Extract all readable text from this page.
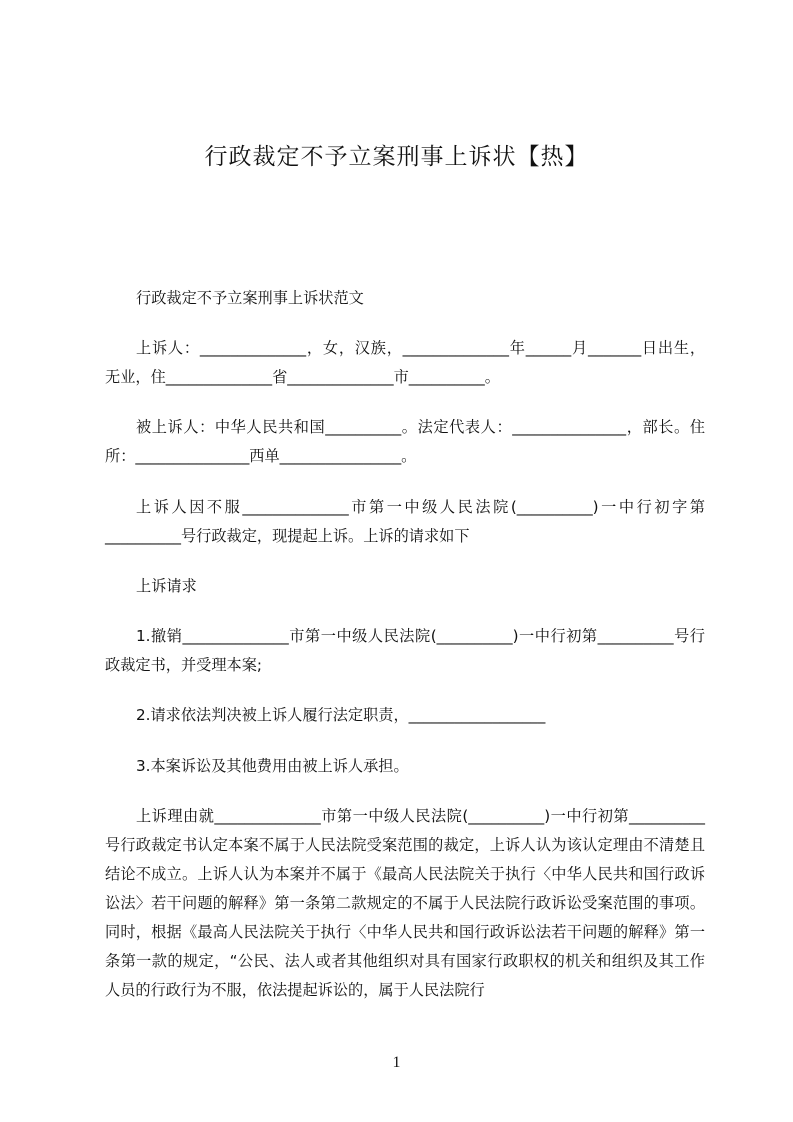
行政裁定不予立案刑事上诉状【热】

行政裁定不予立案刑事上诉状范文

上诉人：______________，女，汉族，______________年______月_______日出生，无业，住______________省______________市__________。

被上诉人：中华人民共和国__________。法定代表人：_______________，部长。住所：_______________西单________________。

上诉人因不服______________市第一中级人民法院(__________)一中行初字第__________号行政裁定，现提起上诉。上诉的请求如下

上诉请求

1.撤销______________市第一中级人民法院(__________)一中行初第__________号行政裁定书，并受理本案;

2.请求依法判决被上诉人履行法定职责，__________________

3.本案诉讼及其他费用由被上诉人承担。

上诉理由就______________市第一中级人民法院(__________)一中行初第__________号行政裁定书认定本案不属于人民法院受案范围的裁定，上诉人认为该认定理由不清楚且结论不成立。上诉人认为本案并不属于《最高人民法院关于执行〈中华人民共和国行政诉讼法〉若干问题的解释》第一条第二款规定的不属于人民法院行政诉讼受案范围的事项。同时，根据《最高人民法院关于执行〈中华人民共和国行政诉讼法若干问题的解释》第一条第一款的规定，“公民、法人或者其他组织对具有国家行政职权的机关和组织及其工作人员的行政行为不服，依法提起诉讼的，属于人民法院行

1
